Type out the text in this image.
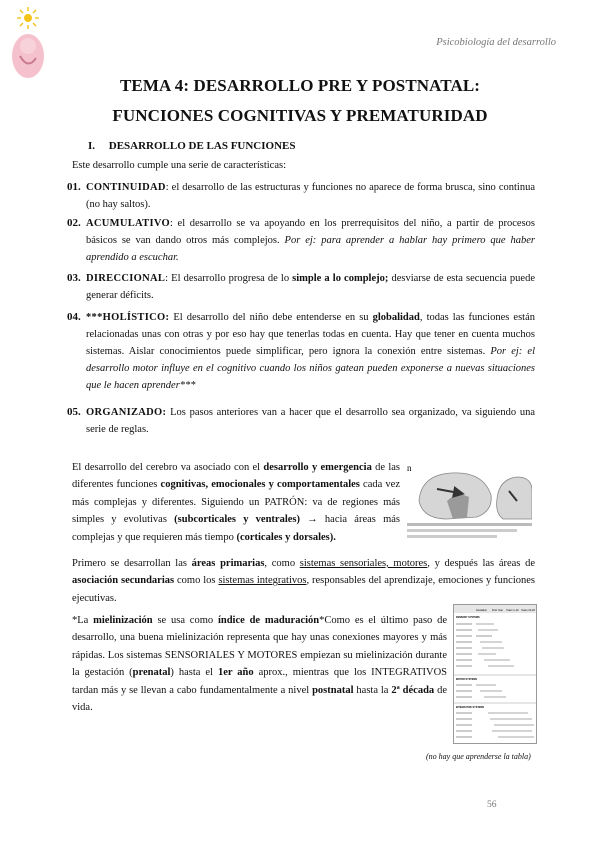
Psicobiología del desarrollo
TEMA 4: DESARROLLO PRE Y POSTNATAL:
FUNCIONES COGNITIVAS Y PREMATURIDAD
I. DESARROLLO DE LAS FUNCIONES
Este desarrollo cumple una serie de características:
01. CONTINUIDAD: el desarrollo de las estructuras y funciones no aparece de forma brusca, sino continua (no hay saltos).
02. ACUMULATIVO: el desarrollo se va apoyando en los prerrequisitos del niño, a partir de procesos básicos se van dando otros más complejos. Por ej: para aprender a hablar hay primero que haber aprendido a escuchar.
03. DIRECCIONAL: El desarrollo progresa de lo simple a lo complejo; desviarse de esta secuencia puede generar déficits.
04. ***HOLÍSTICO: El desarrollo del niño debe entenderse en su globalidad, todas las funciones están relacionadas unas con otras y por eso hay que tenerlas todas en cuenta. Hay que tener en cuenta muchos sistemas. Aislar conocimientos puede simplificar, pero ignora la conexión entre sistemas. Por ej: el desarrollo motor influye en el cognitivo cuando los niños gatean pueden exponerse a nuevas situaciones que le hacen aprender***
05. ORGANIZADO: Los pasos anteriores van a hacer que el desarrollo sea organizado, va siguiendo una serie de reglas.
El desarrollo del cerebro va asociado con el desarrollo y emergencia de las diferentes funciones cognitivas, emocionales y comportamentales cada vez más complejas y diferentes. Siguiendo un PATRÓN: va de regiones más simples y evolutivas (subcorticales y ventrales) → hacia áreas más complejas y que requieren más tiempo (corticales y dorsales).
n
Primero se desarrollan las áreas primarias, como sistemas sensoriales, motores, y después las áreas de asociación secundarias como los sistemas integrativos, responsables del aprendizaje, emociones y funciones ejecutivas.
*La mielinización se usa como índice de maduración*Como es el último paso de desarrollo, una buena mielinización representa que hay unas conexiones mayores y más rápidas. Los sistemas SENSORIALES Y MOTORES empiezan su mielinización durante la gestación (prenatal) hasta el 1er año aprox., mientras que los INTEGRATIVOS tardan más y se llevan a cabo fundamentalmente a nivel postnatal hasta la 2ª década de vida.
Gestation First Year Years 1-10 Years 10-20
SENSORY SYSTEMS
MOTOR SYSTEMS
INTEGRATIVE SYSTEMS
(no hay que aprenderse la tabla)
56
